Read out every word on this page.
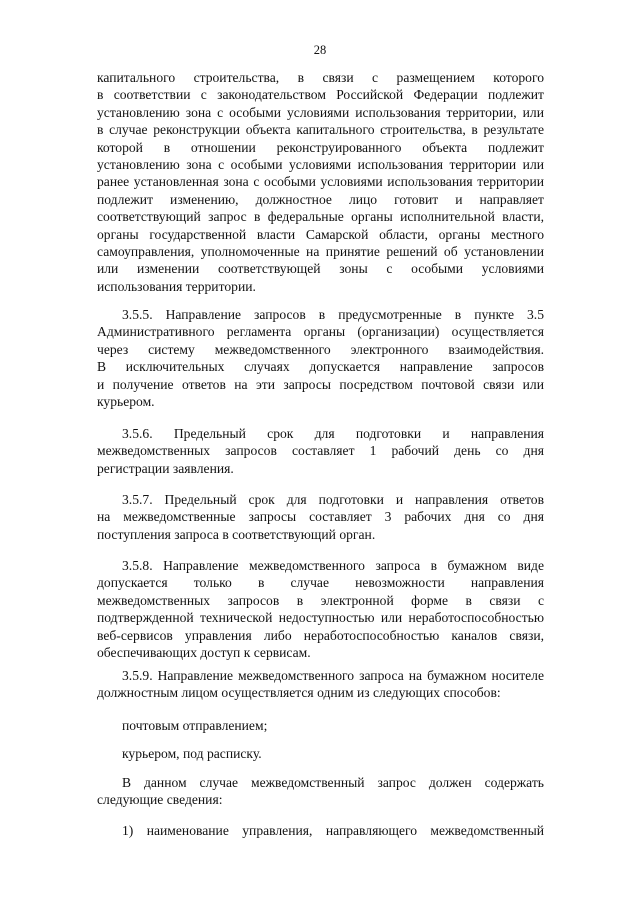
28
капитального строительства, в связи с размещением которого
в соответствии с законодательством Российской Федерации подлежит
установлению зона с особыми условиями использования территории, или
в случае реконструкции объекта капитального строительства, в результате
которой в отношении реконструированного объекта подлежит
установлению зона с особыми условиями использования территории или
ранее установленная зона с особыми условиями использования территории
подлежит изменению, должностное лицо готовит и направляет
соответствующий запрос в федеральные органы исполнительной власти,
органы государственной власти Самарской области, органы местного
самоуправления, уполномоченные на принятие решений об установлении
или изменении соответствующей зоны с особыми условиями
использования территории.
3.5.5. Направление запросов в предусмотренные в пункте 3.5
Административного регламента органы (организации) осуществляется
через систему межведомственного электронного взаимодействия.
В исключительных случаях допускается направление запросов
и получение ответов на эти запросы посредством почтовой связи или
курьером.
3.5.6. Предельный срок для подготовки и направления
межведомственных запросов составляет 1 рабочий день со дня
регистрации заявления.
3.5.7. Предельный срок для подготовки и направления ответов
на межведомственные запросы составляет 3 рабочих дня со дня
поступления запроса в соответствующий орган.
3.5.8. Направление межведомственного запроса в бумажном виде
допускается только в случае невозможности направления
межведомственных запросов в электронной форме в связи с
подтвержденной технической недоступностью или неработоспособностью
веб-сервисов управления либо неработоспособностью каналов связи,
обеспечивающих доступ к сервисам.
3.5.9. Направление межведомственного запроса на бумажном носителе
должностным лицом осуществляется одним из следующих способов:
почтовым отправлением;
курьером, под расписку.
В данном случае межведомственный запрос должен содержать
следующие сведения:
1) наименование управления, направляющего межведомственный
